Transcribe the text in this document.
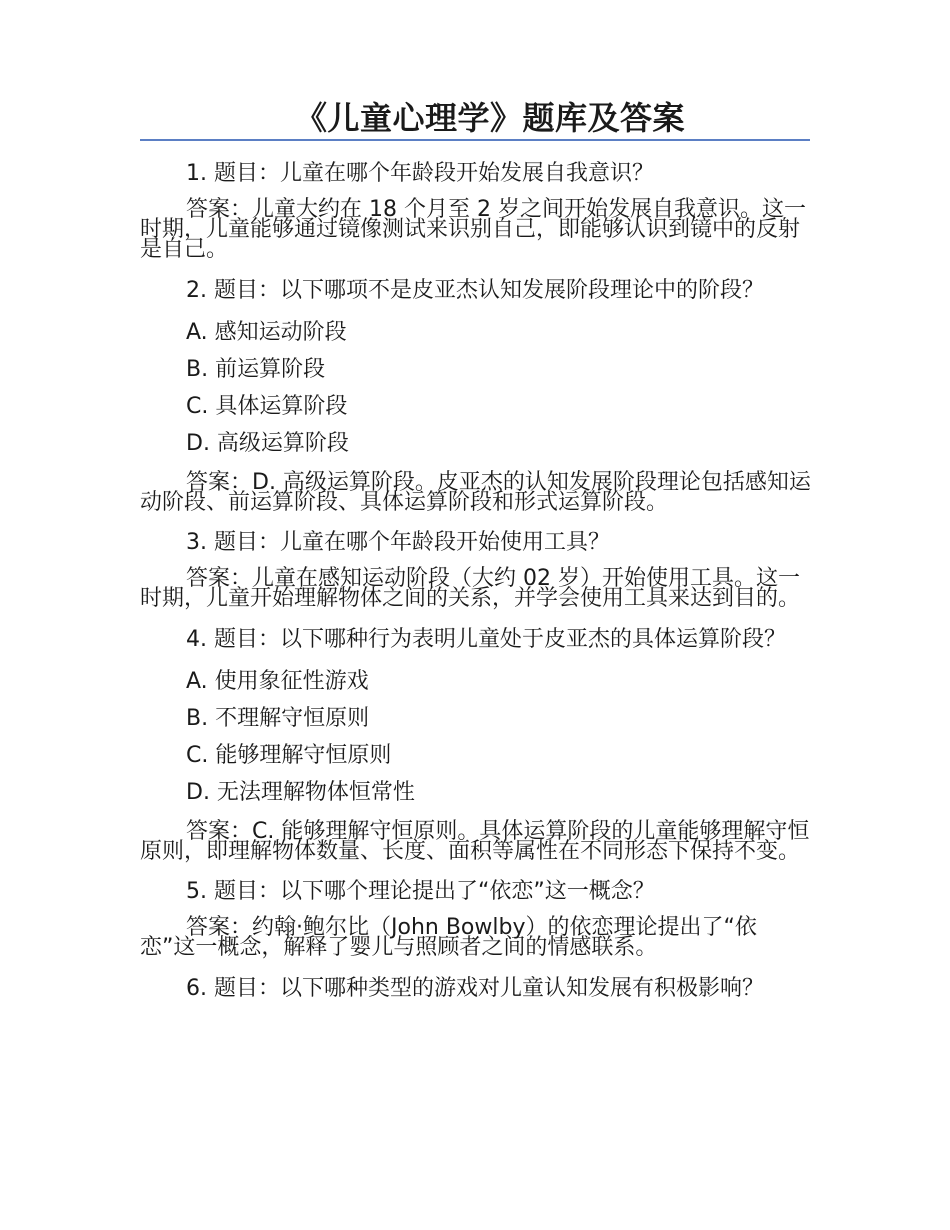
《儿童心理学》题库及答案

1. 题目：儿童在哪个年龄段开始发展自我意识？

答案：儿童大约在 18 个月至 2 岁之间开始发展自我意识。这一时期，儿童能够通过镜像测试来识别自己，即能够认识到镜中的反射是自己。

2. 题目：以下哪项不是皮亚杰认知发展阶段理论中的阶段？

A. 感知运动阶段

B. 前运算阶段

C. 具体运算阶段

D. 高级运算阶段

答案：D. 高级运算阶段。皮亚杰的认知发展阶段理论包括感知运动阶段、前运算阶段、具体运算阶段和形式运算阶段。

3. 题目：儿童在哪个年龄段开始使用工具？

答案：儿童在感知运动阶段（大约 02 岁）开始使用工具。这一时期，儿童开始理解物体之间的关系，并学会使用工具来达到目的。

4. 题目：以下哪种行为表明儿童处于皮亚杰的具体运算阶段？

A. 使用象征性游戏

B. 不理解守恒原则

C. 能够理解守恒原则

D. 无法理解物体恒常性

答案：C. 能够理解守恒原则。具体运算阶段的儿童能够理解守恒原则，即理解物体数量、长度、面积等属性在不同形态下保持不变。

5. 题目：以下哪个理论提出了“依恋”这一概念？

答案：约翰·鲍尔比（John Bowlby）的依恋理论提出了“依恋”这一概念，解释了婴儿与照顾者之间的情感联系。

6. 题目：以下哪种类型的游戏对儿童认知发展有积极影响？
